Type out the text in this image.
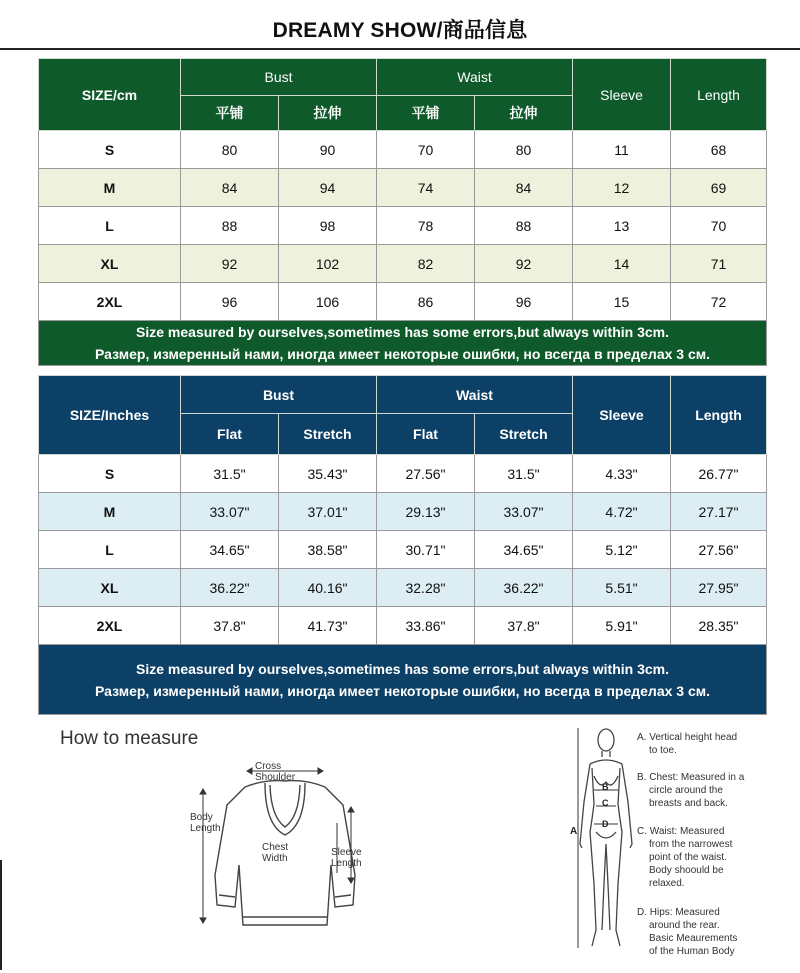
DREAMY SHOW/商品信息
SIZE/cm	Bust		Waist		Sleeve	Length
	平铺	拉伸	平铺	拉伸		
S	80	90	70	80	11	68
M	84	94	74	84	12	69
L	88	98	78	88	13	70
XL	92	102	82	92	14	71
2XL	96	106	86	96	15	72

Size measured by ourselves,sometimes has some errors,but always within 3cm.
Размер, измеренный нами, иногда имеет некоторые ошибки, но всегда в пределах 3 см.						
SIZE/Inches	Bust		Waist		Sleeve	Length
	Flat	Stretch	Flat	Stretch		
S	31.5"	35.43"	27.56"	31.5"	4.33"	26.77"
M	33.07"	37.01"	29.13"	33.07"	4.72"	27.17"
L	34.65"	38.58"	30.71"	34.65"	5.12"	27.56"
XL	36.22"	40.16"	32.28"	36.22"	5.51"	27.95"
2XL	37.8"	41.73"	33.86"	37.8"	5.91"	28.35"

Size measured by ourselves,sometimes has some errors,but always within 3cm.
Размер, измеренный нами, иногда имеет некоторые ошибки, но всегда в пределах 3 см.						
How to measure
Cross
Shoulder
Body
Length
Chest
Width
Sleeve
Length
A
B
C
D
A. Vertical height head
to toe.
B. Chest: Measured in a
circle around the
breasts and back.
C. Waist: Measured
from the narrowest
point of the waist.
Body shoould be
relaxed.
D. Hips: Measured
around the rear.
Basic Meaurements
of the Human Body
